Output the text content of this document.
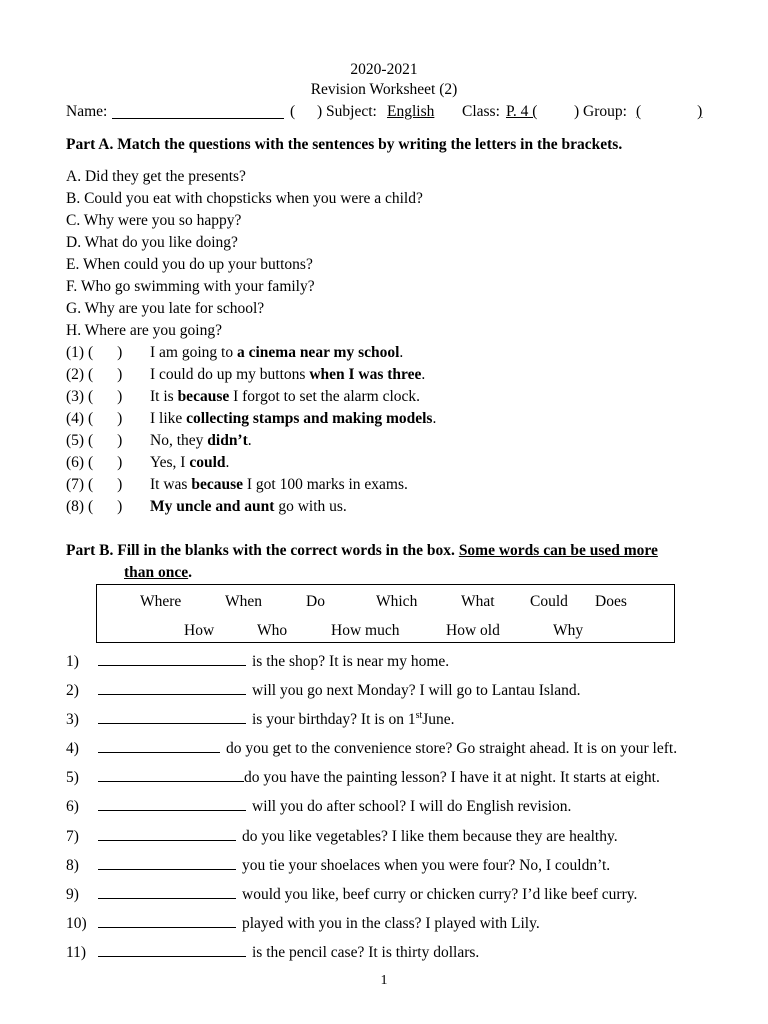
2020-2021
Revision Worksheet (2)
Name:	( ) Subject: English Class: P. 4 (	) Group: (	)
Part A. Match the questions with the sentences by writing the letters in the brackets.
A. Did they get the presents?
B. Could you eat with chopsticks when you were a child?
C. Why were you so happy?
D. What do you like doing?
E. When could you do up your buttons?
F. Who go swimming with your family?
G. Why are you late for school?
H. Where are you going?
(1) ( ) I am going to a cinema near my school.
(2) ( ) I could do up my buttons when I was three.
(3) ( ) It is because I forgot to set the alarm clock.
(4) ( ) I like collecting stamps and making models.
(5) ( ) No, they didn’t.
(6) ( ) Yes, I could.
(7) ( ) It was because I got 100 marks in exams.
(8) ( ) My uncle and aunt go with us.
Part B. Fill in the blanks with the correct words in the box. Some words can be used more
than once.
Where	When	Do	Which	What Could Does
How	Who	How much	How old	Why
1)	is the shop? It is near my home.
2)	will you go next Monday? I will go to Lantau Island.
3)	is your birthday? It is on 1stJune.
4)	do you get to the convenience store? Go straight ahead. It is on your left.
5)	do you have the painting lesson? I have it at night. It starts at eight.
6)	will you do after school? I will do English revision.
7)	do you like vegetables? I like them because they are healthy.
8)	you tie your shoelaces when you were four? No, I couldn’t.
9)	would you like, beef curry or chicken curry? I’d like beef curry.
10)	played with you in the class? I played with Lily.
11)	is the pencil case? It is thirty dollars.
1
